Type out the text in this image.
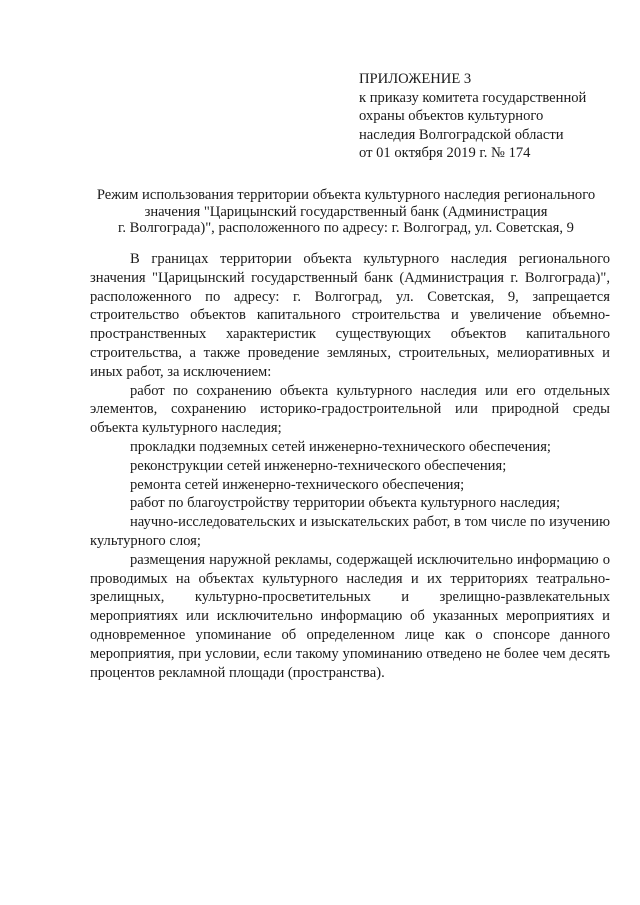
ПРИЛОЖЕНИЕ 3
к приказу комитета государственной
охраны объектов культурного
наследия Волгоградской области
от 01 октября 2019 г. № 174
Режим использования территории объекта культурного наследия регионального
значения "Царицынский государственный банк (Администрация
г. Волгограда)", расположенного по адресу: г. Волгоград, ул. Советская, 9

В границах территории объекта культурного наследия регионального значения "Царицынский государственный банк (Администрация г. Волгограда)", расположенного по адресу: г. Волгоград, ул. Советская, 9, запрещается строительство объектов капитального строительства и увеличение объемно-пространственных характеристик существующих объектов капитального строительства, а также проведение земляных, строительных, мелиоративных и иных работ, за исключением:

работ по сохранению объекта культурного наследия или его отдельных элементов, сохранению историко-градостроительной или природной среды объекта культурного наследия;

прокладки подземных сетей инженерно-технического обеспечения;

реконструкции сетей инженерно-технического обеспечения;

ремонта сетей инженерно-технического обеспечения;

работ по благоустройству территории объекта культурного наследия;

научно-исследовательских и изыскательских работ, в том числе по изучению культурного слоя;

размещения наружной рекламы, содержащей исключительно информацию о проводимых на объектах культурного наследия и их территориях театрально-зрелищных, культурно-просветительных и зрелищно-развлекательных мероприятиях или исключительно информацию об указанных мероприятиях и одновременное упоминание об определенном лице как о спонсоре данного мероприятия, при условии, если такому упоминанию отведено не более чем десять процентов рекламной площади (пространства).
